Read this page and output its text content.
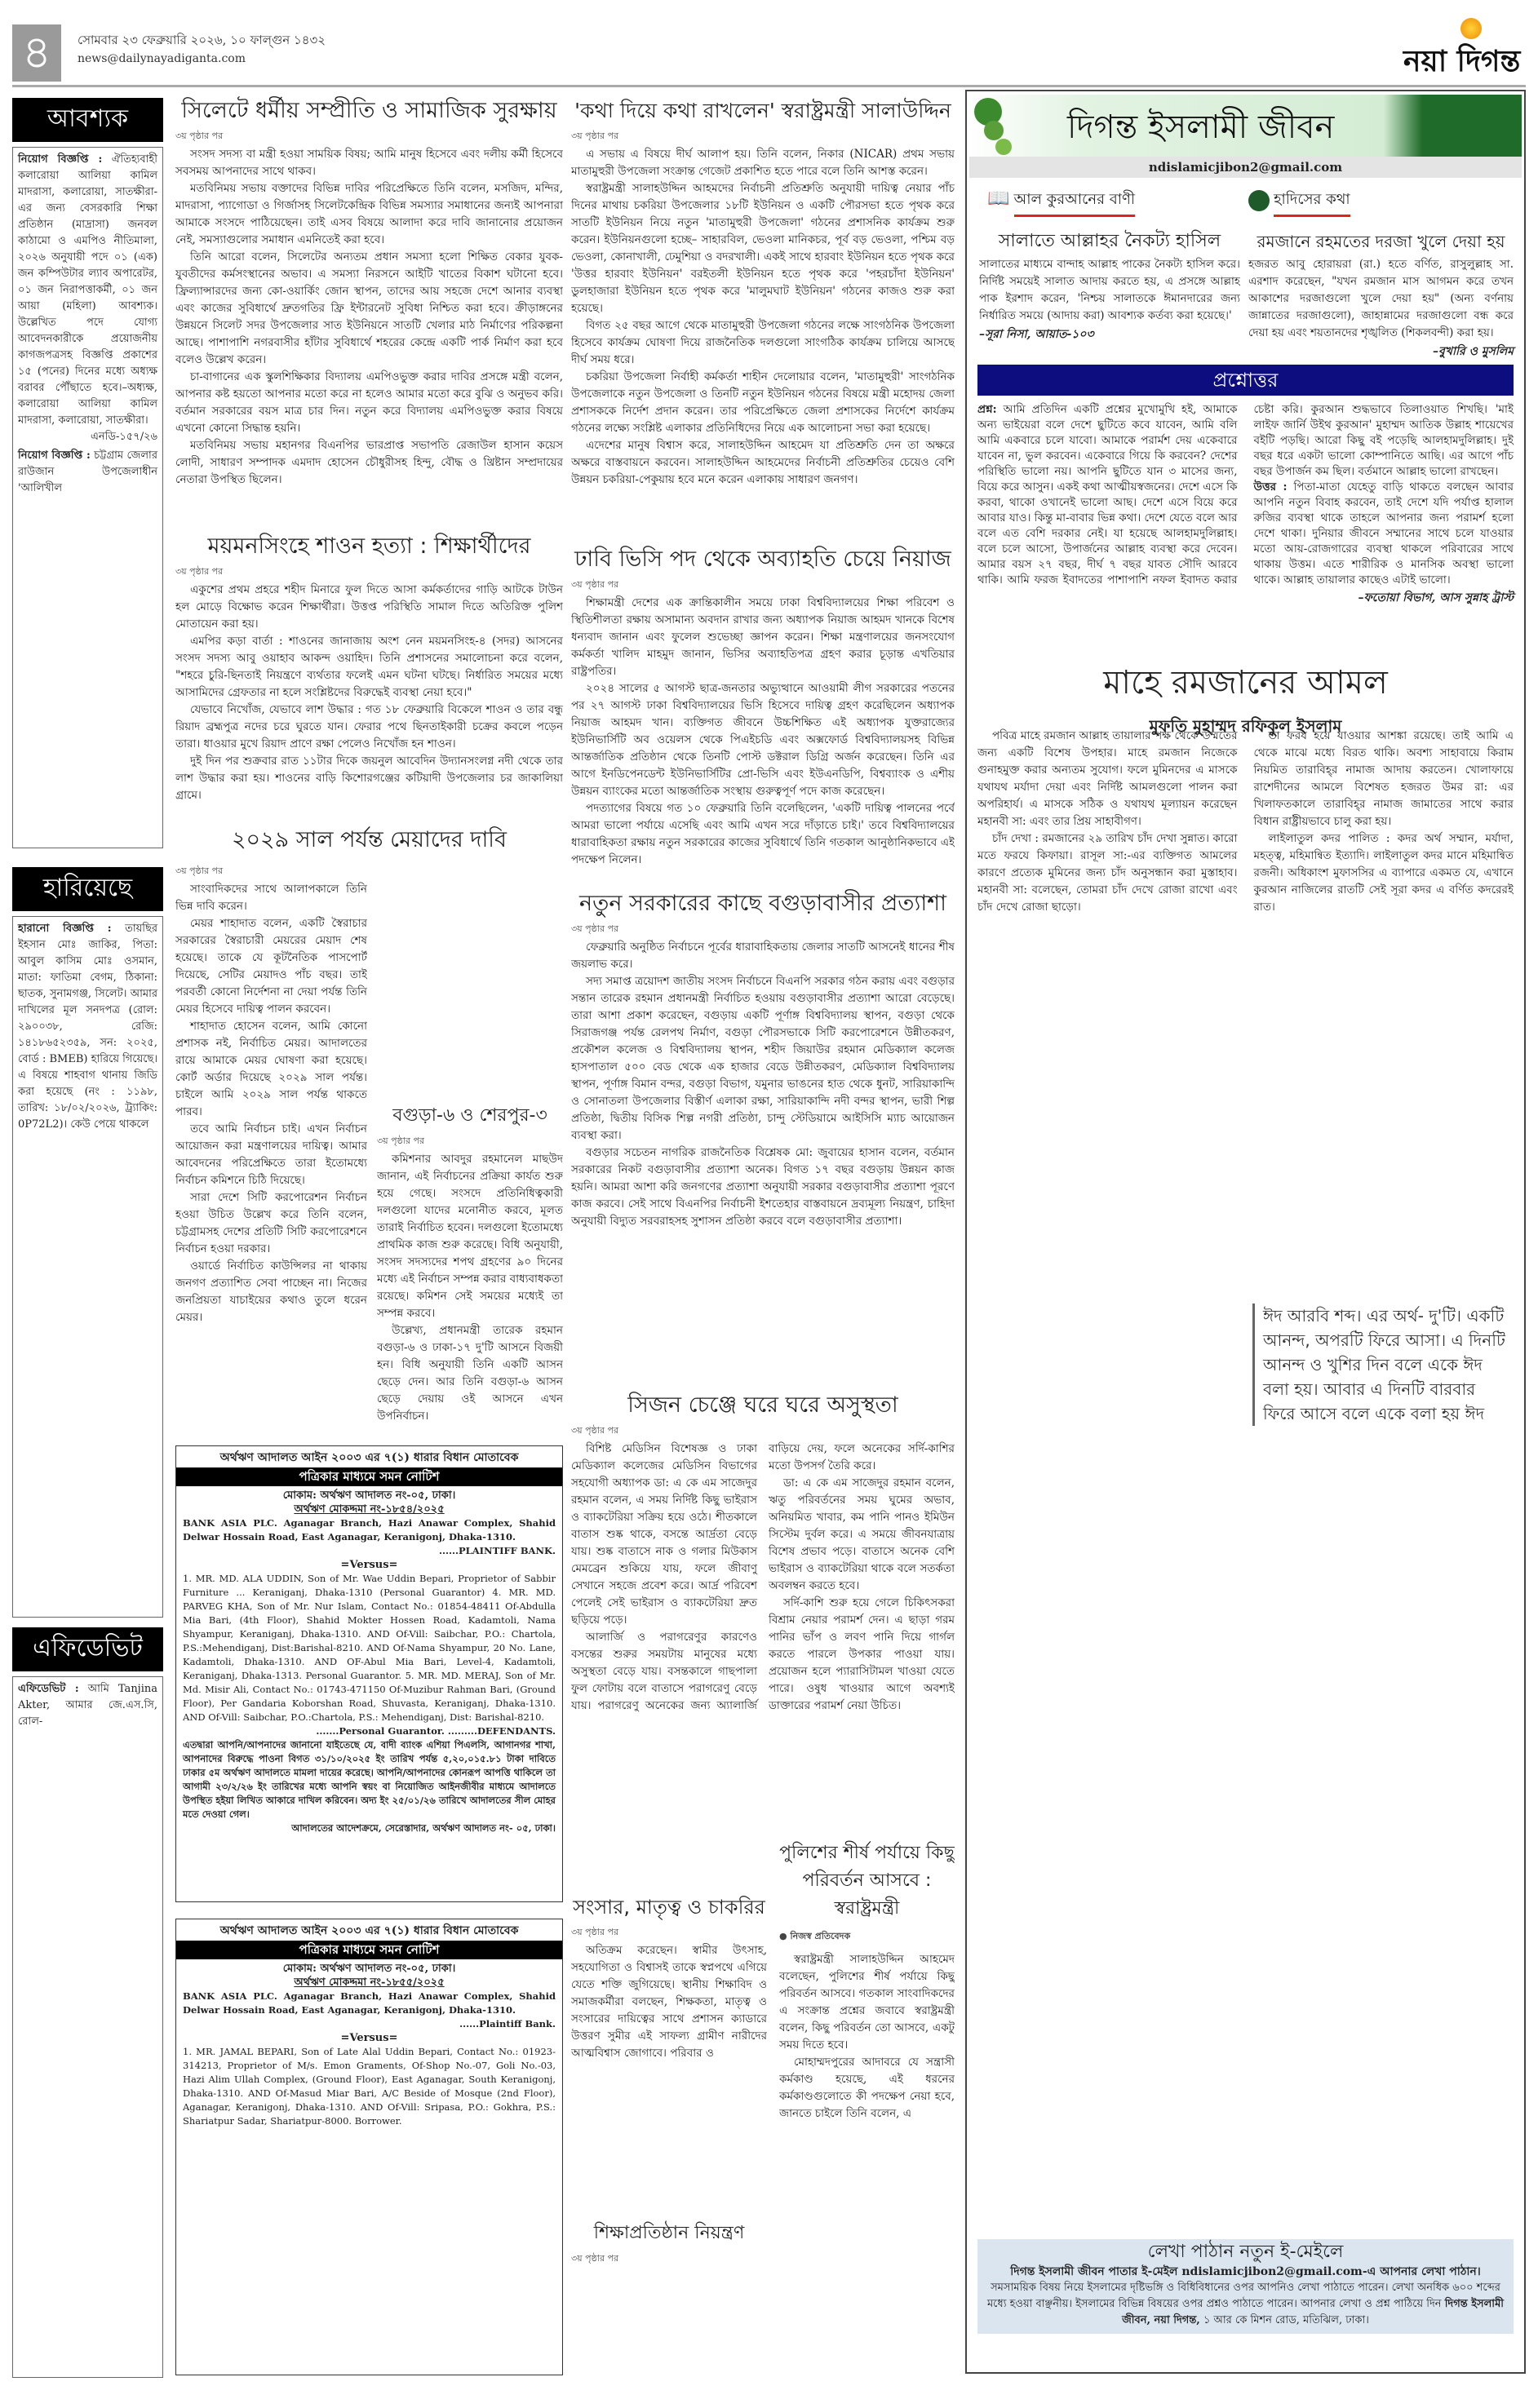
৪	সোমবার ২৩ ফেব্রুয়ারি ২০২৬, ১০ ফাল্গুন ১৪৩২
news@dailynayadiganta.com	নয়া দিগন্ত
আবশ্যক

নিয়োগ বিজ্ঞপ্তি : ঐতিহ্যবাহী কলারোয়া আলিয়া কামিল মাদরাসা, কলারোয়া, সাতক্ষীরা-এর জন্য বেসরকারি শিক্ষা প্রতিষ্ঠান (মাদ্রাসা) জনবল কাঠামো ও এমপিও নীতিমালা, ২০২৬ অনুযায়ী পদে ০১ (এক) জন কম্পিউটার ল্যাব অপারেটর, ০১ জন নিরাপত্তাকর্মী, ০১ জন আয়া (মহিলা) আবশ্যক। উল্লেখিত পদে যোগ্য আবেদনকারীকে প্রয়োজনীয় কাগজপত্রসহ বিজ্ঞপ্তি প্রকাশের ১৫ (পনের) দিনের মধ্যে অধ্যক্ষ বরাবর পৌঁছাতে হবে।–অধ্যক্ষ, কলারোয়া আলিয়া কামিল মাদরাসা, কলারোয়া, সাতক্ষীরা।
এনডি-১৫৭/২৬

নিয়োগ বিজ্ঞপ্তি : চট্টগ্রাম জেলার রাউজান উপজেলাধীন 'আলিখীল

হারিয়েছে

হারানো বিজ্ঞপ্তি : তায়ছির ইহসান মোঃ জাকির, পিতা: আবুল কাসিম মোঃ ওসমান, মাতা: ফাতিমা বেগম, ঠিকানা: ছাতক, সুনামগঞ্জ, সিলেট। আমার দাখিলের মূল সনদপত্র (রোল: ২৯০০৩৮, রেজি: ১৪১৮৬৫২৩৫৯, সন: ২০২৫, বোর্ড : BMEB) হারিয়ে গিয়েছে। এ বিষয়ে শাহবাগ থানায় জিডি করা হয়েছে (নং : ১১৯৮, তারিখ: ১৮/০২/২০২৬, ট্র্যাকিং: 0P72L2)। কেউ পেয়ে থাকলে

এফিডেভিট

এফিডেভিট : আমি Tanjina Akter, আমার জে.এস.সি, রোল-

সিলেটে ধর্মীয় সম্প্রীতি ও সামাজিক সুরক্ষায়
৩য় পৃষ্ঠার পর

সংসদ সদস্য বা মন্ত্রী হওয়া সাময়িক বিষয়; আমি মানুষ হিসেবে এবং দলীয় কর্মী হিসেবে সবসময় আপনাদের সাথে থাকব।

মতবিনিময় সভায় বক্তাদের বিভিন্ন দাবির পরিপ্রেক্ষিতে তিনি বলেন, মসজিদ, মন্দির, মাদরাসা, প্যাগোডা ও গির্জাসহ সিলেটকেন্দ্রিক বিভিন্ন সমস্যার সমাধানের জন্যই আপনারা আমাকে সংসদে পাঠিয়েছেন। তাই এসব বিষয়ে আলাদা করে দাবি জানানোর প্রয়োজন নেই, সমস্যাগুলোর সমাধান এমনিতেই করা হবে।

তিনি আরো বলেন, সিলেটের অন্যতম প্রধান সমস্যা হলো শিক্ষিত বেকার যুবক-যুবতীদের কর্মসংস্থানের অভাব। এ সমস্যা নিরসনে আইটি খাতের বিকাশ ঘটানো হবে। ফ্রিল্যান্সারদের জন্য কো-ওয়ার্কিং জোন স্থাপন, তাদের আয় সহজে দেশে আনার ব্যবস্থা এবং কাজের সুবিধার্থে দ্রুতগতির ফ্রি ইন্টারনেট সুবিধা নিশ্চিত করা হবে। ক্রীড়াঙ্গনের উন্নয়নে সিলেট সদর উপজেলার সাত ইউনিয়নে সাতটি খেলার মাঠ নির্মাণের পরিকল্পনা আছে। পাশাপাশি নগরবাসীর হাঁটার সুবিধার্থে শহরের কেন্দ্রে একটি পার্ক নির্মাণ করা হবে বলেও উল্লেখ করেন।

চা-বাগানের এক স্কুলশিক্ষিকার বিদ্যালয় এমপিওভুক্ত করার দাবির প্রসঙ্গে মন্ত্রী বলেন, আপনার কষ্ট হয়তো আপনার মতো করে না হলেও আমার মতো করে বুঝি ও অনুভব করি। বর্তমান সরকারের বয়স মাত্র চার দিন। নতুন করে বিদ্যালয় এমপিওভুক্ত করার বিষয়ে এখনো কোনো সিদ্ধান্ত হয়নি।

মতবিনিময় সভায় মহানগর বিএনপির ভারপ্রাপ্ত সভাপতি রেজাউল হাসান কয়েস লোদী, সাধারণ সম্পাদক এমদাদ হোসেন চৌধুরীসহ হিন্দু, বৌদ্ধ ও খ্রিষ্টান সম্প্রদায়ের নেতারা উপস্থিত ছিলেন।

ময়মনসিংহে শাওন হত্যা : শিক্ষার্থীদের
৩য় পৃষ্ঠার পর

একুশের প্রথম প্রহরে শহীদ মিনারে ফুল দিতে আসা কর্মকর্তাদের গাড়ি আটকে টাউন হল মোড়ে বিক্ষোভ করেন শিক্ষার্থীরা। উত্তপ্ত পরিস্থিতি সামাল দিতে অতিরিক্ত পুলিশ মোতায়েন করা হয়।

এমপির কড়া বার্তা : শাওনের জানাজায় অংশ নেন ময়মনসিংহ-৪ (সদর) আসনের সংসদ সদস্য আবু ওয়াহাব আকন্দ ওয়াহিদ। তিনি প্রশাসনের সমালোচনা করে বলেন, "শহরে চুরি-ছিনতাই নিয়ন্ত্রণে ব্যর্থতার ফলেই এমন ঘটনা ঘটছে। নির্ধারিত সময়ের মধ্যে আসামিদের গ্রেফতার না হলে সংশ্লিষ্টদের বিরুদ্ধেই ব্যবস্থা নেয়া হবে।"

যেভাবে নিখোঁজ, যেভাবে লাশ উদ্ধার : গত ১৮ ফেব্রুয়ারি বিকেলে শাওন ও তার বন্ধু রিয়াদ ব্রহ্মপুত্র নদের চরে ঘুরতে যান। ফেরার পথে ছিনতাইকারী চক্রের কবলে পড়েন তারা। ধাওয়ার মুখে রিয়াদ প্রাণে রক্ষা পেলেও নিখোঁজ হন শাওন।

দুই দিন পর শুক্রবার রাত ১১টার দিকে জয়নুল আবেদিন উদ্যানসংলগ্ন নদী থেকে তার লাশ উদ্ধার করা হয়। শাওনের বাড়ি কিশোরগঞ্জের কটিয়াদী উপজেলার চর জাকালিয়া গ্রামে।

২০২৯ সাল পর্যন্ত মেয়াদের দাবি
৩য় পৃষ্ঠার পর

সাংবাদিকদের সাথে আলাপকালে তিনি ভিন্ন দাবি করেন।

মেয়র শাহাদাত বলেন, একটি স্বৈরাচার সরকারের স্বৈরাচারী মেয়রের মেয়াদ শেষ হয়েছে। তাকে যে কূটনৈতিক পাসপোর্ট দিয়েছে, সেটির মেয়াদও পাঁচ বছর। তাই পরবর্তী কোনো নির্দেশনা না দেয়া পর্যন্ত তিনি মেয়র হিসেবে দায়িত্ব পালন করবেন।

শাহাদাত হোসেন বলেন, আমি কোনো প্রশাসক নই, নির্বাচিত মেয়র। আদালতের রায়ে আমাকে মেয়র ঘোষণা করা হয়েছে। কোর্ট অর্ডার দিয়েছে ২০২৯ সাল পর্যন্ত। চাইলে আমি ২০২৯ সাল পর্যন্ত থাকতে পারব।

তবে আমি নির্বাচন চাই। এখন নির্বাচন আয়োজন করা মন্ত্রণালয়ের দায়িত্ব। আমার আবেদনের পরিপ্রেক্ষিতে তারা ইতোমধ্যে নির্বাচন কমিশনে চিঠি দিয়েছে।

সারা দেশে সিটি করপোরেশন নির্বাচন হওয়া উচিত উল্লেখ করে তিনি বলেন, চট্টগ্রামসহ দেশের প্রতিটি সিটি করপোরেশনে নির্বাচন হওয়া দরকার।

ওয়ার্ডে নির্বাচিত কাউন্সিলর না থাকায় জনগণ প্রত্যাশিত সেবা পাচ্ছেন না। নিজের জনপ্রিয়তা যাচাইয়ের কথাও তুলে ধরেন মেয়র।

বগুড়া-৬ ও শেরপুর-৩
৩য় পৃষ্ঠার পর

কমিশনার আবদুর রহমানেল মাছউদ জানান, এই নির্বাচনের প্রক্রিয়া কার্যত শুরু হয়ে গেছে। সংসদে প্রতিনিধিত্বকারী দলগুলো যাদের মনোনীত করবে, মূলত তারাই নির্বাচিত হবেন। দলগুলো ইতোমধ্যে প্রাথমিক কাজ শুরু করেছে। বিধি অনুযায়ী, সংসদ সদস্যদের শপথ গ্রহণের ৯০ দিনের মধ্যে এই নির্বাচন সম্পন্ন করার বাধ্যবাধকতা রয়েছে। কমিশন সেই সময়ের মধ্যেই তা সম্পন্ন করবে।

উল্লেখ্য, প্রধানমন্ত্রী তারেক রহমান বগুড়া-৬ ও ঢাকা-১৭ দু'টি আসনে বিজয়ী হন। বিধি অনুযায়ী তিনি একটি আসন ছেড়ে দেন। আর তিনি বগুড়া-৬ আসন ছেড়ে দেয়ায় ওই আসনে এখন উপনির্বাচন।

অর্থঋণ আদালত আইন ২০০৩ এর ৭(১) ধারার বিধান মোতাবেক
পত্রিকার মাধ্যমে সমন নোটিশ
মোকাম: অর্থঋণ আদালত নং-০৫, ঢাকা।
অর্থঋণ মোকদ্দমা নং-১৮৫৪/২০২৫

BANK ASIA PLC. Aganagar Branch, Hazi Anawar Complex, Shahid Delwar Hossain Road, East Aganagar, Keranigonj, Dhaka-1310.

......PLAINTIFF BANK.
=Versus=

1. MR. MD. ALA UDDIN, Son of Mr. Wae Uddin Bepari, Proprietor of Sabbir Furniture ... Keraniganj, Dhaka-1310 (Personal Guarantor) 4. MR. MD. PARVEG KHA, Son of Mr. Nur Islam, Contact No.: 01854-48411 Of-Abdulla Mia Bari, (4th Floor), Shahid Mokter Hossen Road, Kadamtoli, Nama Shyampur, Keraniganj, Dhaka-1310. AND Of-Vill: Saibchar, P.O.: Chartola, P.S.:Mehendiganj, Dist:Barishal-8210. AND Of-Nama Shyampur, 20 No. Lane, Kadamtoli, Dhaka-1310. AND OF-Abul Mia Bari, Level-4, Kadamtoli, Keraniganj, Dhaka-1313. Personal Guarantor. 5. MR. MD. MERAJ, Son of Mr. Md. Misir Ali, Contact No.: 01743-471150 Of-Muzibur Rahman Bari, (Ground Floor), Per Gandaria Koborshan Road, Shuvasta, Keraniganj, Dhaka-1310. AND Of-Vill: Saibchar, P.O.:Chartola, P.S.: Mehendiganj, Dist: Barishal-8210.

.......Personal Guarantor. .........DEFENDANTS.

এতদ্বারা আপনি/আপনাদের জানানো যাইতেছে যে, বাদী ব্যাংক এশিয়া পিএলসি, আগানগর শাখা, আপনাদের বিরুদ্ধে পাওনা বিগত ৩১/১০/২০২৫ ইং তারিখ পর্যন্ত ৫,২০,০১৫.৮১ টাকা দাবিতে ঢাকার ৫ম অর্থঋণ আদালতে মামলা দায়ের করেছে। আপনি/আপনাদের কোনরূপ আপত্তি থাকিলে তা আগামী ২৩/২/২৬ ইং তারিখের মধ্যে আপনি স্বয়ং বা নিয়োজিত আইনজীবীর মাধ্যমে আদালতে উপস্থিত হইয়া লিখিত আকারে দাখিল করিবেন। অদ্য ইং ২৫/০১/২৬ তারিখে আদালতের সীল মোহর মতে দেওয়া গেল।

আদালতের আদেশক্রমে, সেরেস্তাদার, অর্থঋণ আদালত নং- ০৫, ঢাকা।
অর্থঋণ আদালত আইন ২০০৩ এর ৭(১) ধারার বিধান মোতাবেক
পত্রিকার মাধ্যমে সমন নোটিশ
মোকাম: অর্থঋণ আদালত নং-০৫, ঢাকা।
অর্থঋণ মোকদ্দমা নং-১৮৫৫/২০২৫

BANK ASIA PLC. Aganagar Branch, Hazi Anawar Complex, Shahid Delwar Hossain Road, East Aganagar, Keranigonj, Dhaka-1310.

......Plaintiff Bank.
=Versus=

1. MR. JAMAL BEPARI, Son of Late Alal Uddin Bepari, Contact No.: 01923-314213, Proprietor of M/s. Emon Graments, Of-Shop No.-07, Goli No.-03, Hazi Alim Ullah Complex, (Ground Floor), East Aganagar, South Keranigonj, Dhaka-1310. AND Of-Masud Miar Bari, A/C Beside of Mosque (2nd Floor), Aganagar, Keranigonj, Dhaka-1310. AND Of-Vill: Sripasa, P.O.: Gokhra, P.S.: Shariatpur Sadar, Shariatpur-8000. Borrower.

'কথা দিয়ে কথা রাখলেন' স্বরাষ্ট্রমন্ত্রী সালাউদ্দিন
৩য় পৃষ্ঠার পর

এ সভায় এ বিষয়ে দীর্ঘ আলাপ হয়। তিনি বলেন, নিকার (NICAR) প্রথম সভায় মাতামুহুরী উপজেলা সংক্রান্ত গেজেট প্রকাশিত হতে পারে বলে তিনি আশস্ত করেন।

স্বরাষ্ট্রমন্ত্রী সালাহউদ্দিন আহমদের নির্বাচনী প্রতিশ্রুতি অনুযায়ী দায়িত্ব নেয়ার পাঁচ দিনের মাথায় চকরিয়া উপজেলার ১৮টি ইউনিয়ন ও একটি পৌরসভা হতে পৃথক করে সাতটি ইউনিয়ন নিয়ে নতুন 'মাতামুহুরী উপজেলা' গঠনের প্রশাসনিক কার্যক্রম শুরু করেন। ইউনিয়নগুলো হচ্ছে– সাহারবিল, ভেওলা মানিকচর, পূর্ব বড় ভেওলা, পশ্চিম বড় ভেওলা, কোনাখালী, ঢেমুশিয়া ও বদরখালী। একই সাথে হারবাং ইউনিয়ন হতে পৃথক করে 'উত্তর হারবাং ইউনিয়ন' বরইতলী ইউনিয়ন হতে পৃথক করে 'পহরচাঁদা ইউনিয়ন' ডুলহাজারা ইউনিয়ন হতে পৃথক করে 'মালুমঘাট ইউনিয়ন' গঠনের কাজও শুরু করা হয়েছে।

বিগত ২৫ বছর আগে থেকে মাতামুহুরী উপজেলা গঠনের লক্ষে সাংগঠনিক উপজেলা হিসেবে কার্যক্রম ঘোষণা দিয়ে রাজনৈতিক দলগুলো সাংগঠিক কার্যক্রম চালিয়ে আসছে দীর্ঘ সময় ধরে।

চকরিয়া উপজেলা নির্বাহী কর্মকর্তা শাহীন দেলোয়ার বলেন, 'মাতামুহুরী' সাংগঠনিক উপজেলাকে নতুন উপজেলা ও তিনটি নতুন ইউনিয়ন গঠনের বিষয়ে মন্ত্রী মহোদয় জেলা প্রশাসককে নির্দেশ প্রদান করেন। তার পরিপ্রেক্ষিতে জেলা প্রশাসকের নির্দেশে কার্যক্রম গঠনের লক্ষ্যে সংশ্লিষ্ট এলাকার প্রতিনিধিদের নিয়ে এক আলোচনা সভা করা হয়েছে।

এদেশের মানুষ বিশ্বাস করে, সালাহউদ্দিন আহমেদ যা প্রতিশ্রুতি দেন তা অক্ষরে অক্ষরে বাস্তবায়নে করবেন। সালাহউদ্দিন আহমেদের নির্বাচনী প্রতিশ্রুতির চেয়েও বেশি উন্নয়ন চকরিয়া-পেকুয়ায় হবে মনে করেন এলাকায় সাধারণ জনগণ।

ঢাবি ভিসি পদ থেকে অব্যাহতি চেয়ে নিয়াজ
৩য় পৃষ্ঠার পর

শিক্ষামন্ত্রী দেশের এক ক্রান্তিকালীন সময়ে ঢাকা বিশ্ববিদ্যালয়ের শিক্ষা পরিবেশ ও স্থিতিশীলতা রক্ষায় অসামান্য অবদান রাখার জন্য অধ্যাপক নিয়াজ আহমদ খানকে বিশেষ ধন্যবাদ জানান এবং ফুলেল শুভেচ্ছা জ্ঞাপন করেন। শিক্ষা মন্ত্রণালয়ের জনসংযোগ কর্মকর্তা খালিদ মাহমুদ জানান, ভিসির অব্যাহতিপত্র গ্রহণ করার চূড়ান্ত এখতিয়ার রাষ্ট্রপতির।

২০২৪ সালের ৫ আগস্ট ছাত্র-জনতার অভ্যুত্থানে আওয়ামী লীগ সরকারের পতনের পর ২৭ আগস্ট ঢাকা বিশ্ববিদ্যালয়ের ভিসি হিসেবে দায়িত্ব গ্রহণ করেছিলেন অধ্যাপক নিয়াজ আহমদ খান। ব্যক্তিগত জীবনে উচ্চশিক্ষিত এই অধ্যাপক যুক্তরাজ্যের ইউনিভার্সিটি অব ওয়েলস থেকে পিএইচডি এবং অক্সফোর্ড বিশ্ববিদ্যালয়সহ বিভিন্ন আন্তর্জাতিক প্রতিষ্ঠান থেকে তিনটি পোস্ট ডক্টরাল ডিগ্রি অর্জন করেছেন। তিনি এর আগে ইনডিপেনডেন্ট ইউনিভার্সিটির প্রো-ভিসি এবং ইউএনডিপি, বিশ্বব্যাংক ও এশীয় উন্নয়ন ব্যাংকের মতো আন্তর্জাতিক সংস্থায় গুরুত্বপূর্ণ পদে কাজ করেছেন।

পদত্যাগের বিষয়ে গত ১০ ফেব্রুয়ারি তিনি বলেছিলেন, 'একটি দায়িত্ব পালনের পর্বে আমরা ভালো পর্যায়ে এসেছি এবং আমি এখন সরে দাঁড়াতে চাই।' তবে বিশ্ববিদ্যালয়ের ধারাবাহিকতা রক্ষায় নতুন সরকারের কাজের সুবিধার্থে তিনি গতকাল আনুষ্ঠানিকভাবে এই পদক্ষেপ নিলেন।

নতুন সরকারের কাছে বগুড়াবাসীর প্রত্যাশা
৩য় পৃষ্ঠার পর

ফেব্রুয়ারি অনুষ্ঠিত নির্বাচনে পূর্বের ধারাবাহিকতায় জেলার সাতটি আসনেই ধানের শীষ জয়লাভ করে।

সদ্য সমাপ্ত ত্রয়োদশ জাতীয় সংসদ নির্বাচনে বিএনপি সরকার গঠন করায় এবং বগুড়ার সন্তান তারেক রহমান প্রধানমন্ত্রী নির্বাচিত হওয়ায় বগুড়াবাসীর প্রত্যাশা আরো বেড়েছে। তারা আশা প্রকাশ করেছেন, বগুড়ায় একটি পূর্ণাঙ্গ বিশ্ববিদ্যালয় স্থাপন, বগুড়া থেকে সিরাজগঞ্জ পর্যন্ত রেলপথ নির্মাণ, বগুড়া পৌরসভাকে সিটি করপোরেশনে উন্নীতকরণ, প্রকৌশল কলেজ ও বিশ্ববিদ্যালয় স্থাপন, শহীদ জিয়াউর রহমান মেডিক্যাল কলেজ হাসপাতাল ৫০০ বেড থেকে এক হাজার বেডে উন্নীতকরণ, মেডিক্যাল বিশ্ববিদ্যালয় স্থাপন, পূর্ণাঙ্গ বিমান বন্দর, বগুড়া বিভাগ, যমুনার ভাঙনের হাত থেকে ধুনট, সারিয়াকান্দি ও সোনাতলা উপজেলার বিস্তীর্ণ এলাকা রক্ষা, সারিয়াকান্দি নদী বন্দর স্থাপন, ভারী শিল্প প্রতিষ্ঠা, দ্বিতীয় বিসিক শিল্প নগরী প্রতিষ্ঠা, চান্দু স্টেডিয়ামে আইসিসি ম্যাচ আয়োজন ব্যবস্থা করা।

বগুড়ার সচেতন নাগরিক রাজনৈতিক বিশ্লেষক মো: জুবায়ের হাসান বলেন, বর্তমান সরকারের নিকট বগুড়াবাসীর প্রত্যাশা অনেক। বিগত ১৭ বছর বগুড়ায় উন্নয়ন কাজ হয়নি। আমরা আশা করি জনগণের প্রত্যাশা অনুযায়ী সরকার বগুড়াবাসীর প্রত্যাশা পূরণে কাজ করবে। সেই সাথে বিএনপির নির্বাচনী ইশতেহার বাস্তবায়নে দ্রব্যমূল্য নিয়ন্ত্রণ, চাহিদা অনুযায়ী বিদ্যুত সরবরাহসহ সুশাসন প্রতিষ্ঠা করবে বলে বগুড়াবাসীর প্রত্যাশা।

সিজন চেঞ্জে ঘরে ঘরে অসুস্থতা
৩য় পৃষ্ঠার পর

বিশিষ্ট মেডিসিন বিশেষজ্ঞ ও ঢাকা মেডিক্যাল কলেজের মেডিসিন বিভাগের সহযোগী অধ্যাপক ডা: এ কে এম সাজেদুর রহমান বলেন, এ সময় নির্দিষ্ট কিছু ভাইরাস ও ব্যাকটেরিয়া সক্রিয় হয়ে ওঠে। শীতকালে বাতাস শুষ্ক থাকে, বসন্তে আর্দ্রতা বেড়ে যায়। শুষ্ক বাতাসে নাক ও গলার মিউকাস মেমব্রেন শুকিয়ে যায়, ফলে জীবাণু সেখানে সহজে প্রবেশ করে। আর্দ্র পরিবেশ পেলেই সেই ভাইরাস ও ব্যাকটেরিয়া দ্রুত ছড়িয়ে পড়ে।

আলার্জি ও পরাগরেণুর কারণেও বসন্তের শুরুর সময়টায় মানুষের মধ্যে অসুস্থতা বেড়ে যায়। বসন্তকালে গাছপালা ফুল ফোটায় বলে বাতাসে পরাগরেণু বেড়ে যায়। পরাগরেণু অনেকের জন্য অ্যালার্জি বাড়িয়ে দেয়, ফলে অনেকের সর্দি-কাশির মতো উপসর্গ তৈরি করে।

ডা: এ কে এম সাজেদুর রহমান বলেন, ঋতু পরিবর্তনের সময় ঘুমের অভাব, অনিয়মিত খাবার, কম পানি পানও ইমিউন সিস্টেম দুর্বল করে। এ সময়ে জীবনযাত্রায় বিশেষ প্রভাব পড়ে। বাতাসে অনেক বেশি ভাইরাস ও ব্যাকটেরিয়া থাকে বলে সতর্কতা অবলম্বন করতে হবে।

সর্দি-কাশি শুরু হয়ে গেলে চিকিৎসকরা বিশ্রাম নেয়ার পরামর্শ দেন। এ ছাড়া গরম পানির ভাঁপ ও লবণ পানি দিয়ে গার্গল করতে পারলে উপকার পাওয়া যায়। প্রয়োজন হলে প্যারাসিটামল খাওয়া যেতে পারে। ওষুধ খাওয়ার আগে অবশ্যই ডাক্তারের পরামর্শ নেয়া উচিত।

সংসার, মাতৃত্ব ও চাকরির
৩য় পৃষ্ঠার পর

অতিক্রম করেছেন। স্বামীর উৎসাহ, সহযোগিতা ও বিশ্বাসই তাকে স্বপ্নপথে এগিয়ে যেতে শক্তি জুগিয়েছে। স্থানীয় শিক্ষাবিদ ও সমাজকর্মীরা বলছেন, শিক্ষকতা, মাতৃত্ব ও সংসারের দায়িত্বের সাথে প্রশাসন ক্যাডারে উত্তরণ সুমীর এই সাফল্য গ্রামীণ নারীদের আত্মবিশ্বাস জোগাবে। পরিবার ও

শিক্ষাপ্রতিষ্ঠান নিয়ন্ত্রণ
৩য় পৃষ্ঠার পর
পুলিশের শীর্ষ পর্যায়ে কিছু পরিবর্তন আসবে : স্বরাষ্ট্রমন্ত্রী
● নিজস্ব প্রতিবেদক

স্বরাষ্ট্রমন্ত্রী সালাহউদ্দিন আহমেদ বলেছেন, পুলিশের শীর্ষ পর্যায়ে কিছু পরিবর্তন আসবে। গতকাল সাংবাদিকদের এ সংক্রান্ত প্রশ্নের জবাবে স্বরাষ্ট্রমন্ত্রী বলেন, কিছু পরিবর্তন তো আসবে, একটু সময় দিতে হবে।

মোহাম্মদপুরের আদাবরে যে সন্ত্রাসী কর্মকাণ্ড হয়েছে, এই ধরনের কর্মকাণ্ডগুলোতে কী পদক্ষেপ নেয়া হবে, জানতে চাইলে তিনি বলেন, এ

দিগন্ত ইসলামী জীবন
ndislamicjibon2@gmail.com
📖 আল কুরআনের বাণী
সালাতে আল্লাহর নৈকট্য হাসিল
সালাতের মাধ্যমে বান্দাহ আল্লাহ পাকের নৈকট্য হাসিল করে। নির্দিষ্ট সময়েই সালাত আদায় করতে হয়, এ প্রসঙ্গে আল্লাহ পাক ইরশাদ করেন, 'নিশ্চয় সালাতকে ঈমানদারের জন্য নির্ধারিত সময়ে (আদায় করা) আবশ্যক কর্তব্য করা হয়েছে।'
–সূরা নিসা, আয়াত-১০৩
হাদিসের কথা
রমজানে রহমতের দরজা খুলে দেয়া হয়
হজরত আবু হোরায়রা (রা.) হতে বর্ণিত, রাসুলুল্লাহ সা. এরশাদ করেছেন, "যখন রমজান মাস আগমন করে তখন আকাশের দরজাগুলো খুলে দেয়া হয়" (অন্য বর্ণনায় জান্নাতের দরজাগুলো), জাহান্নামের দরজাগুলো বন্ধ করে দেয়া হয় এবং শয়তানদের শৃঙ্খলিত (শিকলবন্দী) করা হয়।
–বুখারি ও মুসলিম
প্রশ্নোত্তর
প্রশ্ন: আমি প্রতিদিন একটি প্রশ্নের মুখোমুখি হই, আমাকে অন্য ভাইয়েরা বলে দেশে ছুটিতে কবে যাবেন, আমি বলি আমি একবারে চলে যাবো। আমাকে পরার্মশ দেয় একেবারে যাবেন না, ভুল করবেন। একেবারে গিয়ে কি করবেন? দেশের পরিস্থিতি ভালো নয়। আপনি ছুটিতে যান ৩ মাসের জন্য, বিয়ে করে আসুন। একই কথা আত্মীয়স্বজনের। দেশে এসে কি করবা, থাকো ওখানেই ভালো আছ। দেশে এসে বিয়ে করে আবার যাও। কিন্তু মা-বাবার ভিন্ন কথা। দেশে যেতে বলে আর বলে এত বেশি দরকার নেই। যা হয়েছে আলহামদুলিল্লাহ। বলে চলে আসো, উপার্জনের আল্লাহ ব্যবস্থা করে দেবেন। আমার বয়স ২৭ বছর, দীর্ঘ ৭ বছর যাবত সৌদি আরবে থাকি। আমি ফরজ ইবাদতের পাশাপাশি নফল ইবাদত করার চেষ্টা করি। কুরআন শুদ্ধভাবে তিলাওয়াত শিখছি। 'মাই লাইফ জার্নি উইথ কুরআন' মুহাম্মদ আতিক উল্লাহ শায়েখের বইটি পড়ছি। আরো কিছু বই পড়েছি আলহামদুলিল্লাহ। দুই বছর ধরে একটা ভালো কোম্পানিতে আছি। এর আগে পাঁচ বছর উপার্জন কম ছিল। বর্তমানে আল্লাহ ভালো রাখছেন।
উত্তর : পিতা-মাতা যেহেতু বাড়ি থাকতে বলছেন আবার আপনি নতুন বিবাহ করবেন, তাই দেশে যদি পর্যাপ্ত হালাল রুজির ব্যবস্থা থাকে তাহলে আপনার জন্য পরামর্শ হলো দেশে থাকা। দুনিয়ার জীবনে সম্মানের সাথে চলে যাওয়ার মতো আয়-রোজগারের ব্যবস্থা থাকলে পরিবারের সাথে থাকায় উত্তম। এতে শারীরিক ও মানসিক অবস্থা ভালো থাকে। আল্লাহ তায়ালার কাছেও এটাই ভালো।
–ফতোয়া বিভাগ, আস সুন্নাহ ট্রাস্ট
মাহে রমজানের আমল
মুফতি মুহাম্মদ রফিকুল ইসলাম

পবিত্র মাহে রমজান আল্লাহ তায়ালার পক্ষ থেকে উম্মতের জন্য একটি বিশেষ উপহার। মাহে রমজান নিজেকে গুনাহমুক্ত করার অন্যতম সুযোগ। ফলে মুমিনদের এ মাসকে যথাযথ মর্যাদা দেয়া এবং নির্দিষ্ট আমলগুলো পালন করা অপরিহার্য। এ মাসকে সঠিক ও যথাযথ মূল্যায়ন করেছেন মহানবী সা: এবং তার প্রিয় সাহাবীগণ।

চাঁদ দেখা : রমজানের ২৯ তারিখ চাঁদ দেখা সুন্নাত। কারো মতে ফরযে কিফায়া। রাসূল সা:-এর ব্যক্তিগত আমলের কারণে প্রত্যেক মুমিনের জন্য চাঁদ অনুসন্ধান করা মুস্তাহাব। মহানবী সা: বলেছেন, তোমরা চাঁদ দেখে রোজা রাখো এবং চাঁদ দেখে রোজা ছাড়ো।

তা ফরয হয়ে যাওয়ার আশঙ্কা রয়েছে। তাই আমি এ থেকে মাঝে মধ্যে বিরত থাকি। অবশ্য সাহাবায়ে কিরাম নিয়মিত তারাবিহ্‌র নামাজ আদায় করতেন। খোলাফায়ে রাশেদীনের আমলে বিশেষত হজরত উমর রা: এর খিলাফতকালে তারাবিহ্‌র নামাজ জামাতের সাথে করার বিধান রাষ্ট্রীয়ভাবে চালু করা হয়।

লাইলাতুল কদর পালিত : কদর অর্থ সম্মান, মর্যাদা, মহত্ত্ব, মহিমান্বিত ইত্যাদি। লাইলাতুল কদর মানে মহিমান্বিত রজনী। অধিকাংশ মুফাসসির এ ব্যাপারে একমত যে, এখানে কুরআন নাজিলের রাতটি সেই সূরা কদর এ বর্ণিত কদরেরই রাত।

ঈদ আরবি শব্দ। এর অর্থ- দু'টি। একটি আনন্দ, অপরটি ফিরে আসা। এ দিনটি আনন্দ ও খুশির দিন বলে একে ঈদ বলা হয়। আবার এ দিনটি বারবার ফিরে আসে বলে একে বলা হয় ঈদ
লেখা পাঠান নতুন ই-মেইলে
দিগন্ত ইসলামী জীবন পাতার ই-মেইল ndislamicjibon2@gmail.com-এ আপনার লেখা পাঠান।
সমসাময়িক বিষয় নিয়ে ইসলামের দৃষ্টিভঙ্গি ও বিধিবিধানের ওপর আপনিও লেখা পাঠাতে পারেন। লেখা অনধিক ৬০০ শব্দের মধ্যে হওয়া বাঞ্ছনীয়। ইসলামের বিভিন্ন বিষয়ের ওপর প্রশ্নও পাঠাতে পারেন। আপনার লেখা ও প্রশ্ন পাঠিয়ে দিন দিগন্ত ইসলামী জীবন, নয়া দিগন্ত, ১ আর কে মিশন রোড, মতিঝিল, ঢাকা।
